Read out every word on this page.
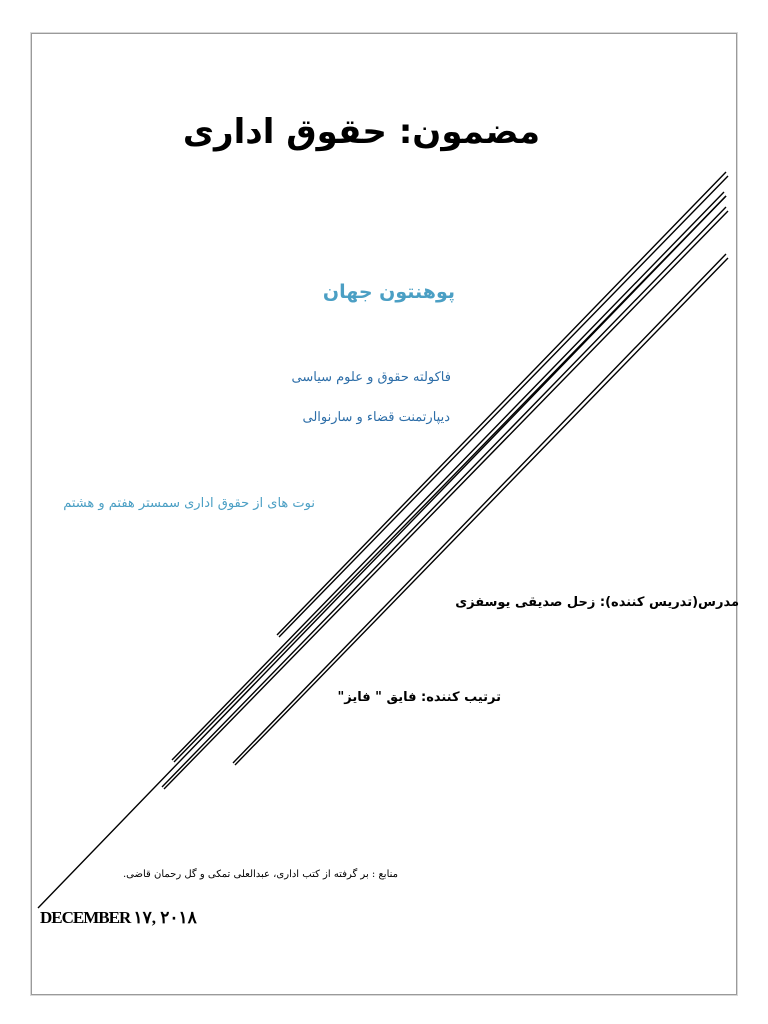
مضمون: حقوق اداری
پوهنتون جهان
فاکولته حقوق و علوم سیاسی
دیپارتمنت قضاء و سارنوالی
نوت های از حقوق اداری سمستر هفتم و هشتم
مدرس(تدریس کننده): زحل صدیقی یوسفزی
ترتیب کننده: فایق " فایز"
منابع : بر گرفته از کتب اداری، عبدالعلی تمکی و گل رحمان قاضی.
DECEMBER ۱۷, ۲۰۱۸
